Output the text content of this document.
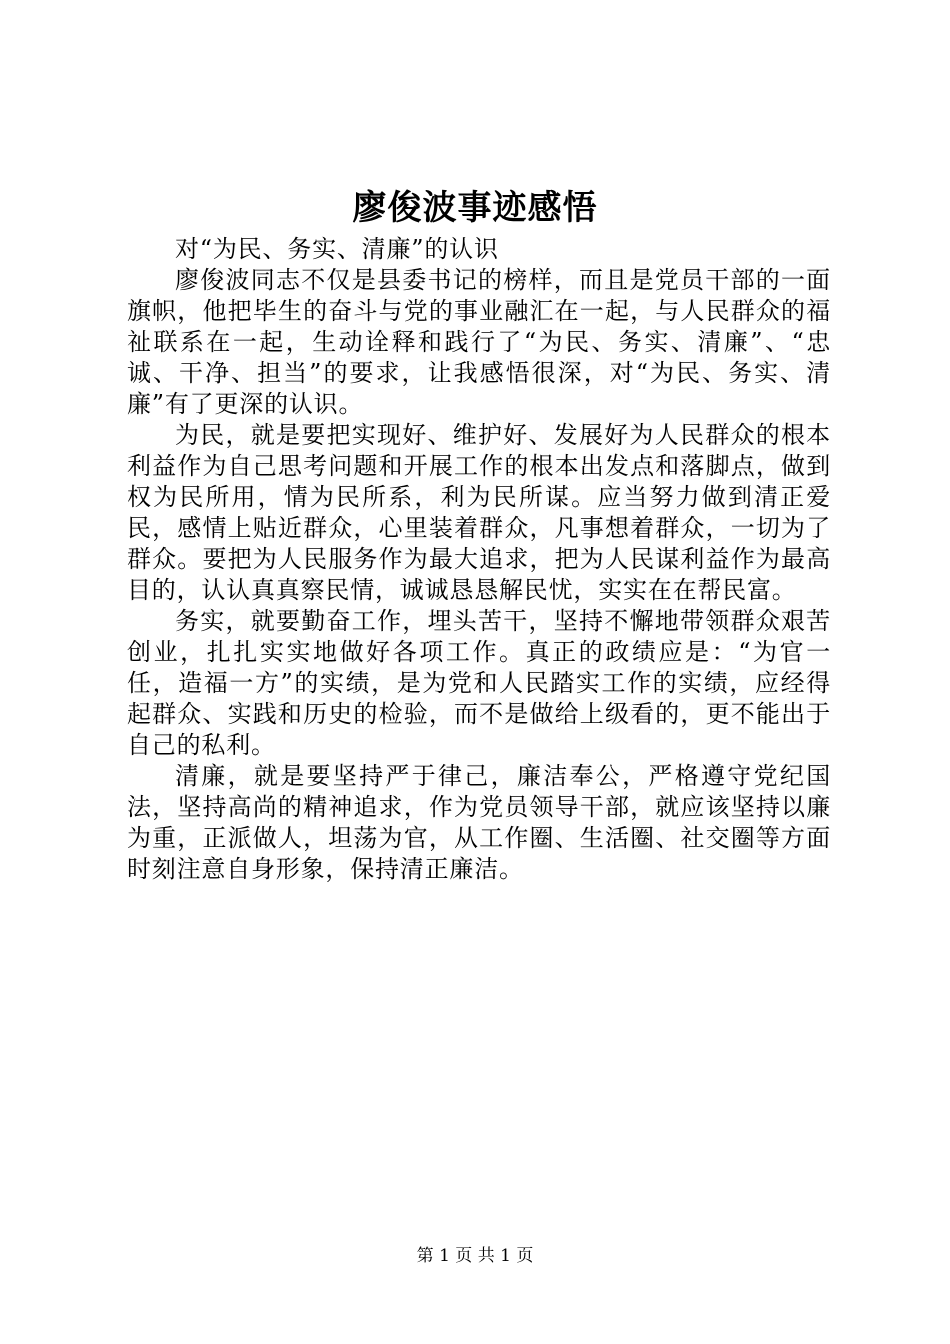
廖俊波事迹感悟

对“为民、务实、清廉”的认识

廖俊波同志不仅是县委书记的榜样，而且是党员干部的一面旗帜，他把毕生的奋斗与党的事业融汇在一起，与人民群众的福祉联系在一起，生动诠释和践行了“为民、务实、清廉”、“忠诚、干净、担当”的要求，让我感悟很深，对“为民、务实、清廉”有了更深的认识。

为民，就是要把实现好、维护好、发展好为人民群众的根本利益作为自己思考问题和开展工作的根本出发点和落脚点，做到权为民所用，情为民所系，利为民所谋。应当努力做到清正爱民，感情上贴近群众，心里装着群众，凡事想着群众，一切为了群众。要把为人民服务作为最大追求，把为人民谋利益作为最高目的，认认真真察民情，诚诚恳恳解民忧，实实在在帮民富。

务实，就要勤奋工作，埋头苦干，坚持不懈地带领群众艰苦创业，扎扎实实地做好各项工作。真正的政绩应是：“为官一任，造福一方”的实绩，是为党和人民踏实工作的实绩，应经得起群众、实践和历史的检验，而不是做给上级看的，更不能出于自己的私利。

清廉，就是要坚持严于律己，廉洁奉公，严格遵守党纪国法，坚持高尚的精神追求，作为党员领导干部，就应该坚持以廉为重，正派做人，坦荡为官，从工作圈、生活圈、社交圈等方面时刻注意自身形象，保持清正廉洁。

第 1 页 共 1 页
